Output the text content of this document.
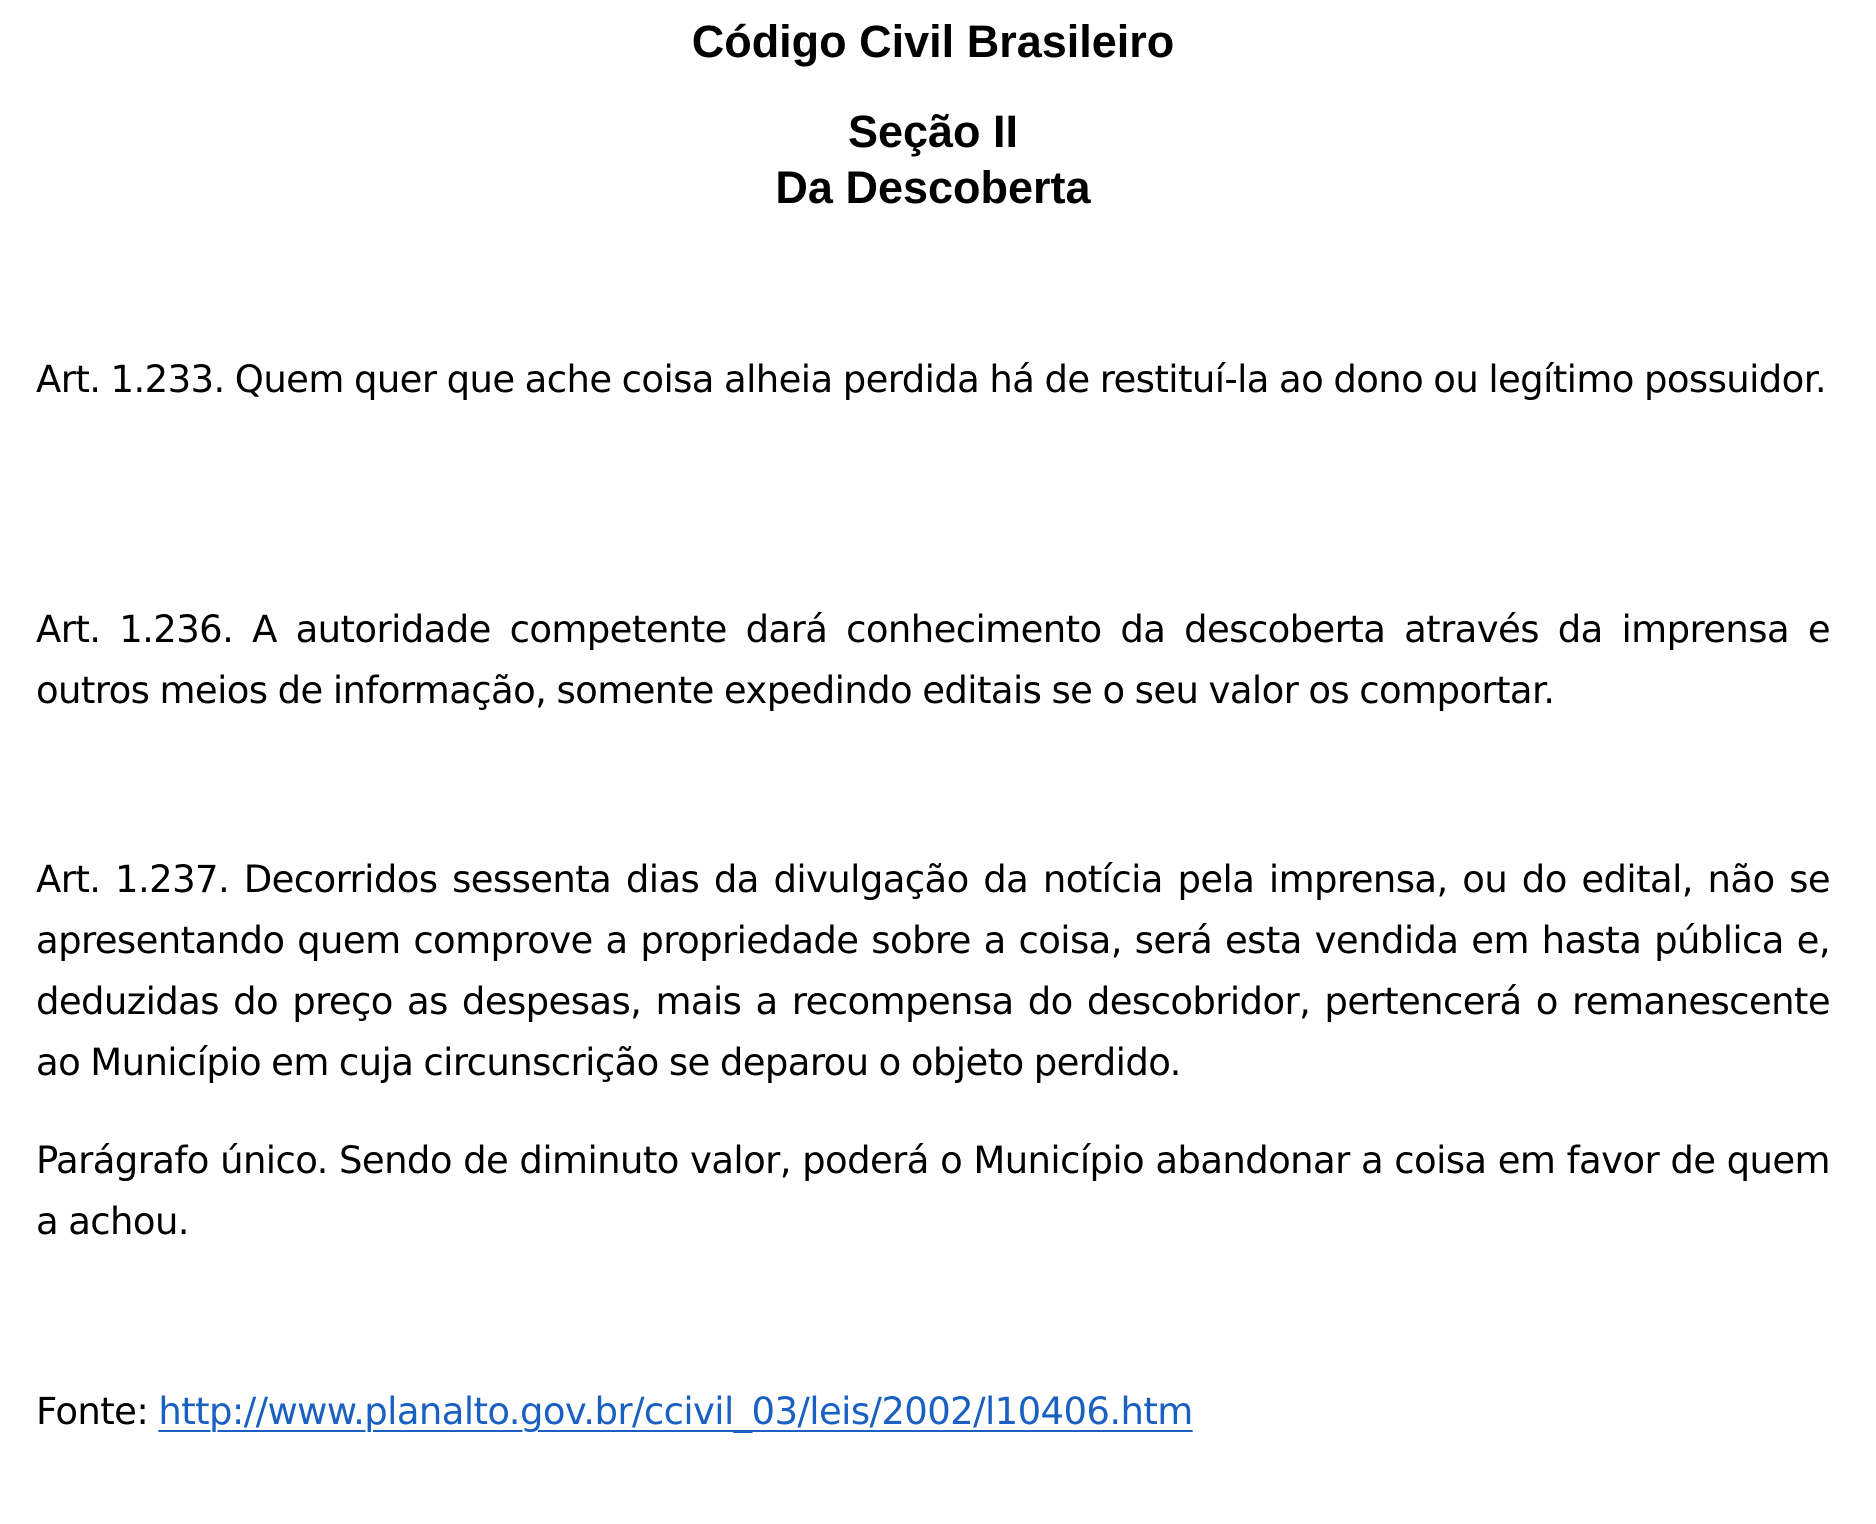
Código Civil Brasileiro
Seção II
Da Descoberta

Art. 1.233. Quem quer que ache coisa alheia perdida há de restituí-la ao dono ou legítimo possuidor.

Art. 1.236. A autoridade competente dará conhecimento da descoberta através da imprensa e outros meios de informação, somente expedindo editais se o seu valor os comportar.

Art. 1.237. Decorridos sessenta dias da divulgação da notícia pela imprensa, ou do edital, não se apresentando quem comprove a propriedade sobre a coisa, será esta vendida em hasta pública e, deduzidas do preço as despesas, mais a recompensa do descobridor, pertencerá o remanescente ao Município em cuja circunscrição se deparou o objeto perdido.

Parágrafo único. Sendo de diminuto valor, poderá o Município abandonar a coisa em favor de quem a achou.

Fonte: http://www.planalto.gov.br/ccivil_03/leis/2002/l10406.htm
